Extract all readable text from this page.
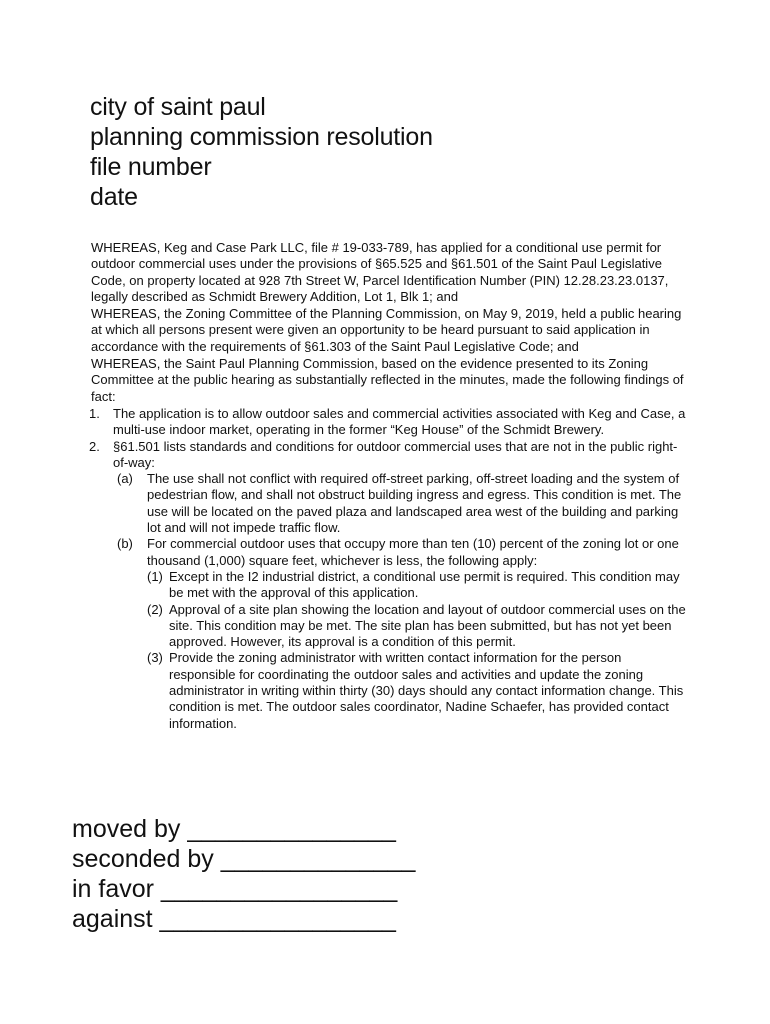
city of saint paul
planning commission resolution
file number
date

WHEREAS, Keg and Case Park LLC, file # 19-033-789, has applied for a conditional use permit for outdoor commercial uses under the provisions of §65.525 and §61.501 of the Saint Paul Legislative Code, on property located at 928 7th Street W, Parcel Identification Number (PIN) 12.28.23.23.0137, legally described as Schmidt Brewery Addition, Lot 1, Blk 1; and

WHEREAS, the Zoning Committee of the Planning Commission, on May 9, 2019, held a public hearing at which all persons present were given an opportunity to be heard pursuant to said application in accordance with the requirements of §61.303 of the Saint Paul Legislative Code; and

WHEREAS, the Saint Paul Planning Commission, based on the evidence presented to its Zoning Committee at the public hearing as substantially reflected in the minutes, made the following findings of fact:

1. The application is to allow outdoor sales and commercial activities associated with Keg and Case, a multi-use indoor market, operating in the former “Keg House” of the Schmidt Brewery.
2. §61.501 lists standards and conditions for outdoor commercial uses that are not in the public right-of-way:
(a) The use shall not conflict with required off-street parking, off-street loading and the system of pedestrian flow, and shall not obstruct building ingress and egress. This condition is met. The use will be located on the paved plaza and landscaped area west of the building and parking lot and will not impede traffic flow.
(b) For commercial outdoor uses that occupy more than ten (10) percent of the zoning lot or one thousand (1,000) square feet, whichever is less, the following apply:
(1) Except in the I2 industrial district, a conditional use permit is required. This condition may be met with the approval of this application.
(2) Approval of a site plan showing the location and layout of outdoor commercial uses on the site. This condition may be met. The site plan has been submitted, but has not yet been approved. However, its approval is a condition of this permit.
(3) Provide the zoning administrator with written contact information for the person responsible for coordinating the outdoor sales and activities and update the zoning administrator in writing within thirty (30) days should any contact information change. This condition is met. The outdoor sales coordinator, Nadine Schaefer, has provided contact information.
moved by _______________
seconded by ______________
in favor _________________
against _________________
